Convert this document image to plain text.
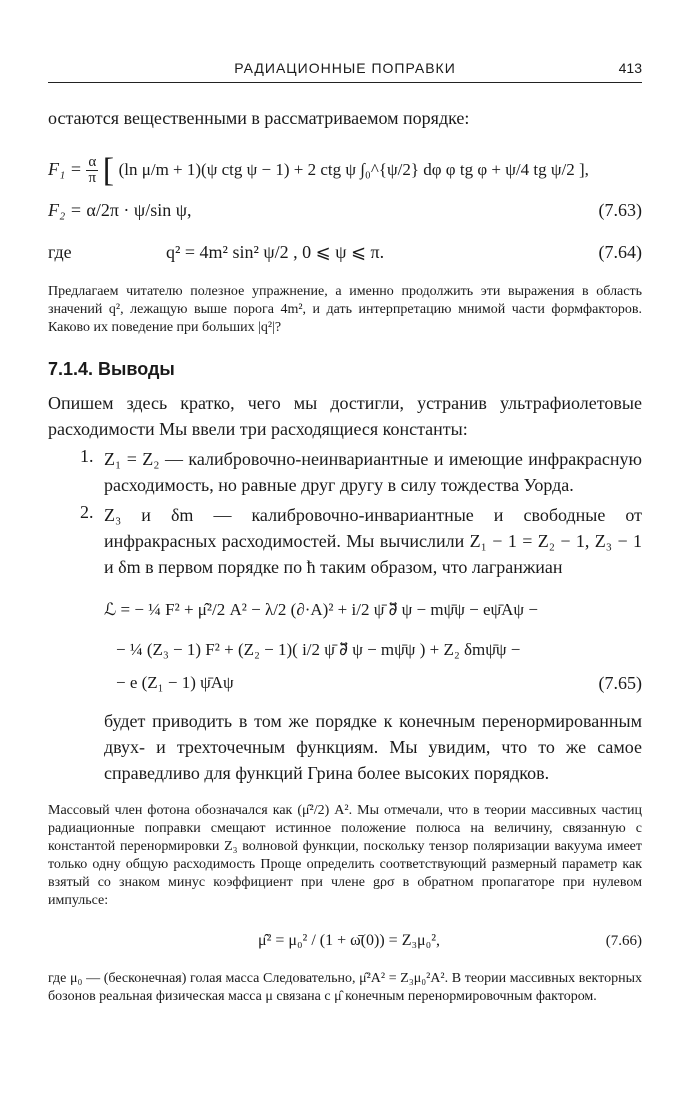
РАДИАЦИОННЫЕ ПОПРАВКИ	413

остаются вещественными в рассматриваемом порядке:

$F_1 = \frac{\alpha}{\pi}$ [ (ln μ/m + 1)(ψ ctg ψ − 1) + 2 ctg ψ ∫₀^{ψ/2} dφ φ tg φ + ψ/4 tg ψ/2 ],
F₂ = α/2π · ψ/sin ψ,	(7.63)
где	q² = 4m² sin² ψ/2 , 0 ⩽ ψ ⩽ π.	(7.64)

Предлагаем читателю полезное упражнение, а именно продолжить эти выражения в область значений q², лежащую выше порога 4m², и дать интерпретацию мнимой части формфакторов. Каково их поведение при больших |q²|?

7.1.4. Выводы

Опишем здесь кратко, чего мы достигли, устранив ультрафиолетовые расходимости Мы ввели три расходящиеся константы:

1. Z₁ = Z₂ — калибровочно-неинвариантные и имеющие инфракрасную расходимость, но равные друг другу в силу тождества Уорда.

2. Z₃ и δm — калибровочно-инвариантные и свободные от инфракрасных расходимостей. Мы вычислили Z₁ − 1 = Z₂ − 1, Z₃ − 1 и δm в первом порядке по ħ таким образом, что лагранжиан

ℒ = − ¼ F² + μ̂²/2 A² − λ/2 (∂·A)² + i/2 ψ̄ ∂⃡ ψ − mψ̄ψ − eψ̄Aψ −
− ¼ (Z₃ − 1) F² + (Z₂ − 1)( i/2 ψ̄ ∂⃡ ψ − mψ̄ψ ) + Z₂ δmψ̄ψ −
− e (Z₁ − 1) ψ̄Aψ	(7.65)

будет приводить в том же порядке к конечным перенормированным двух- и трехточечным функциям. Мы увидим, что то же самое справедливо для функций Грина более высоких порядков.

Массовый член фотона обозначался как (μ̂²/2) A². Мы отмечали, что в теории массивных частиц радиационные поправки смещают истинное положение полюса на величину, связанную с константой перенормировки Z₃ волновой функции, поскольку тензор поляризации вакуума имеет только одну общую расходимость Проще определить соответствующий размерный параметр как взятый со знаком минус коэффициент при члене gρσ в обратном пропагаторе при нулевом импульсе:

μ̂² = μ₀² / (1 + ω̄(0)) = Z₃μ₀²,	(7.66)

где μ₀ — (бесконечная) голая масса Следовательно, μ̂²A² = Z₃μ₀²A². В теории массивных векторных бозонов реальная физическая масса μ связана с μ̂ конечным перенормировочным фактором.
